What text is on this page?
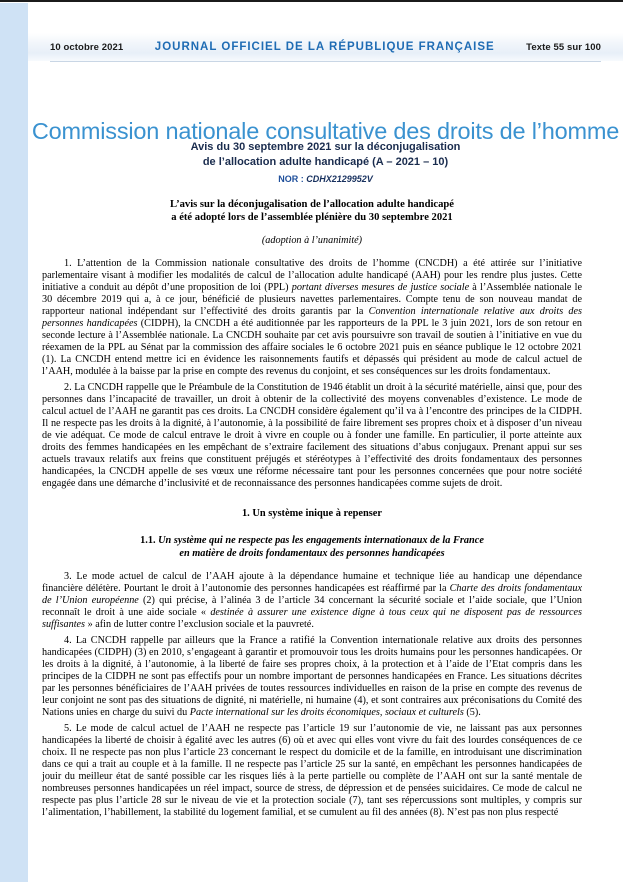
10 octobre 2021	JOURNAL OFFICIEL DE LA RÉPUBLIQUE FRANÇAISE	Texte 55 sur 100
Commission nationale consultative des droits de l’homme
Avis du 30 septembre 2021 sur la déconjugalisation
de l’allocation adulte handicapé (A – 2021 – 10)
NOR : CDHX2129952V
L’avis sur la déconjugalisation de l’allocation adulte handicapé
a été adopté lors de l’assemblée plénière du 30 septembre 2021
(adoption à l’unanimité)

1. L’attention de la Commission nationale consultative des droits de l’homme (CNCDH) a été attirée sur l’initiative parlementaire visant à modifier les modalités de calcul de l’allocation adulte handicapé (AAH) pour les rendre plus justes. Cette initiative a conduit au dépôt d’une proposition de loi (PPL) portant diverses mesures de justice sociale à l’Assemblée nationale le 30 décembre 2019 qui a, à ce jour, bénéficié de plusieurs navettes parlementaires. Compte tenu de son nouveau mandat de rapporteur national indépendant sur l’effectivité des droits garantis par la Convention internationale relative aux droits des personnes handicapées (CIDPH), la CNCDH a été auditionnée par les rapporteurs de la PPL le 3 juin 2021, lors de son retour en seconde lecture à l’Assemblée nationale. La CNCDH souhaite par cet avis poursuivre son travail de soutien à l’initiative en vue du réexamen de la PPL au Sénat par la commission des affaire sociales le 6 octobre 2021 puis en séance publique le 12 octobre 2021 (1). La CNCDH entend mettre ici en évidence les raisonnements fautifs et dépassés qui président au mode de calcul actuel de l’AAH, modulée à la baisse par la prise en compte des revenus du conjoint, et ses conséquences sur les droits fondamentaux.

2. La CNCDH rappelle que le Préambule de la Constitution de 1946 établit un droit à la sécurité matérielle, ainsi que, pour des personnes dans l’incapacité de travailler, un droit à obtenir de la collectivité des moyens convenables d’existence. Le mode de calcul actuel de l’AAH ne garantit pas ces droits. La CNCDH considère également qu’il va à l’encontre des principes de la CIDPH. Il ne respecte pas les droits à la dignité, à l’autonomie, à la possibilité de faire librement ses propres choix et à disposer d’un niveau de vie adéquat. Ce mode de calcul entrave le droit à vivre en couple ou à fonder une famille. En particulier, il porte atteinte aux droits des femmes handicapées en les empêchant de s’extraire facilement des situations d’abus conjugaux. Prenant appui sur ses actuels travaux relatifs aux freins que constituent préjugés et stéréotypes à l’effectivité des droits fondamentaux des personnes handicapées, la CNCDH appelle de ses vœux une réforme nécessaire tant pour les personnes concernées que pour notre société engagée dans une démarche d’inclusivité et de reconnaissance des personnes handicapées comme sujets de droit.

1. Un système inique à repenser
1.1. Un système qui ne respecte pas les engagements internationaux de la France
en matière de droits fondamentaux des personnes handicapées

3. Le mode actuel de calcul de l’AAH ajoute à la dépendance humaine et technique liée au handicap une dépendance financière délétère. Pourtant le droit à l’autonomie des personnes handicapées est réaffirmé par la Charte des droits fondamentaux de l’Union européenne (2) qui précise, à l’alinéa 3 de l’article 34 concernant la sécurité sociale et l’aide sociale, que l’Union reconnaît le droit à une aide sociale « destinée à assurer une existence digne à tous ceux qui ne disposent pas de ressources suffisantes » afin de lutter contre l’exclusion sociale et la pauvreté.

4. La CNCDH rappelle par ailleurs que la France a ratifié la Convention internationale relative aux droits des personnes handicapées (CIDPH) (3) en 2010, s’engageant à garantir et promouvoir tous les droits humains pour les personnes handicapées. Or les droits à la dignité, à l’autonomie, à la liberté de faire ses propres choix, à la protection et à l’aide de l’Etat compris dans les principes de la CIDPH ne sont pas effectifs pour un nombre important de personnes handicapées en France. Les situations décrites par les personnes bénéficiaires de l’AAH privées de toutes ressources individuelles en raison de la prise en compte des revenus de leur conjoint ne sont pas des situations de dignité, ni matérielle, ni humaine (4), et sont contraires aux préconisations du Comité des Nations unies en charge du suivi du Pacte international sur les droits économiques, sociaux et culturels (5).

5. Le mode de calcul actuel de l’AAH ne respecte pas l’article 19 sur l’autonomie de vie, ne laissant pas aux personnes handicapées la liberté de choisir à égalité avec les autres (6) où et avec qui elles vont vivre du fait des lourdes conséquences de ce choix. Il ne respecte pas non plus l’article 23 concernant le respect du domicile et de la famille, en introduisant une discrimination dans ce qui a trait au couple et à la famille. Il ne respecte pas l’article 25 sur la santé, en empêchant les personnes handicapées de jouir du meilleur état de santé possible car les risques liés à la perte partielle ou complète de l’AAH ont sur la santé mentale de nombreuses personnes handicapées un réel impact, source de stress, de dépression et de pensées suicidaires. Ce mode de calcul ne respecte pas plus l’article 28 sur le niveau de vie et la protection sociale (7), tant ses répercussions sont multiples, y compris sur l’alimentation, l’habillement, la stabilité du logement familial, et se cumulent au fil des années (8). N’est pas non plus respecté
